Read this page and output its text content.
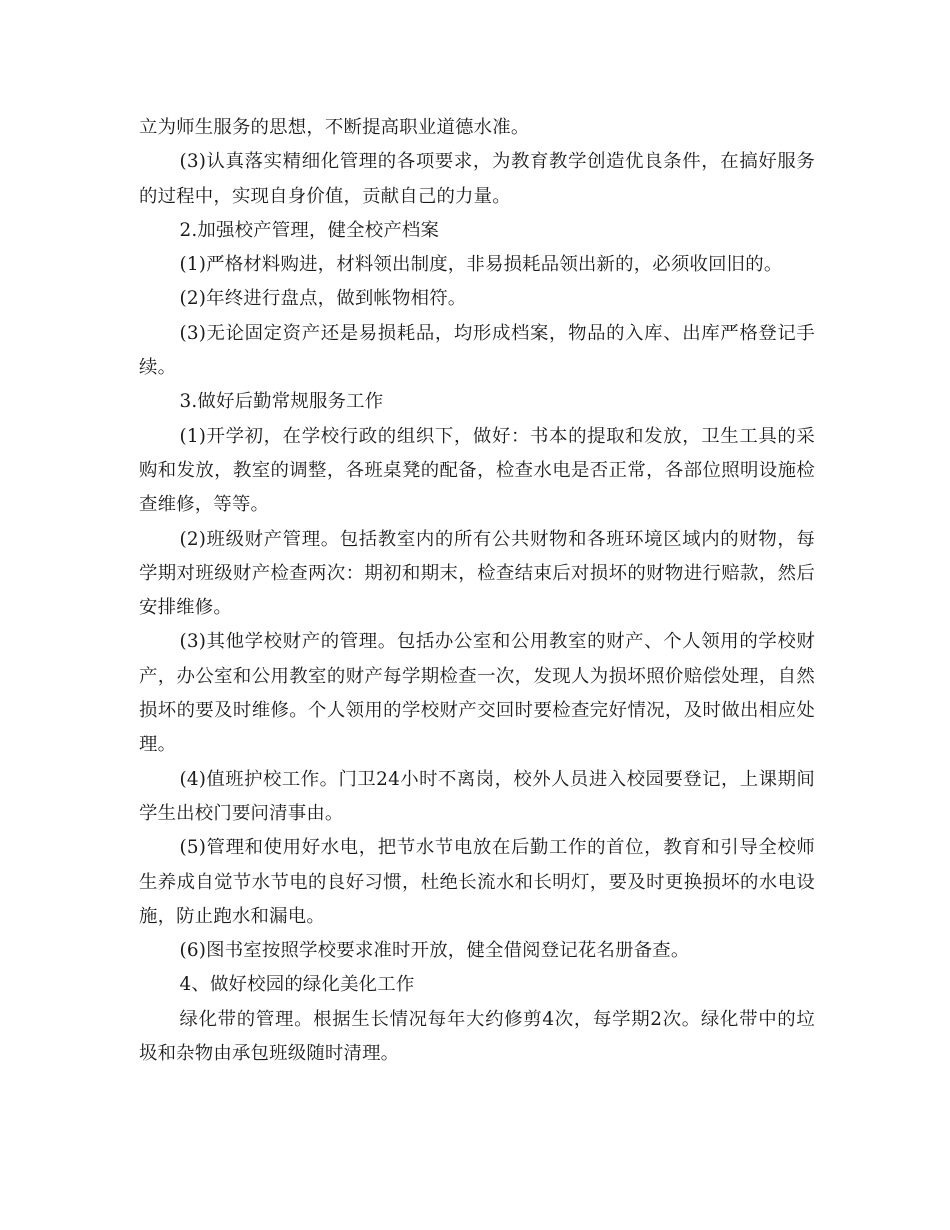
立为师生服务的思想，不断提高职业道德水准。

(3)认真落实精细化管理的各项要求，为教育教学创造优良条件，在搞好服务的过程中，实现自身价值，贡献自己的力量。

2.加强校产管理，健全校产档案

(1)严格材料购进，材料领出制度，非易损耗品领出新的，必须收回旧的。

(2)年终进行盘点，做到帐物相符。

(3)无论固定资产还是易损耗品，均形成档案，物品的入库、出库严格登记手续。

3.做好后勤常规服务工作

(1)开学初，在学校行政的组织下，做好：书本的提取和发放，卫生工具的采购和发放，教室的调整，各班桌凳的配备，检查水电是否正常，各部位照明设施检查维修，等等。

(2)班级财产管理。包括教室内的所有公共财物和各班环境区域内的财物，每学期对班级财产检查两次：期初和期末，检查结束后对损坏的财物进行赔款，然后安排维修。

(3)其他学校财产的管理。包括办公室和公用教室的财产、个人领用的学校财产，办公室和公用教室的财产每学期检查一次，发现人为损坏照价赔偿处理，自然损坏的要及时维修。个人领用的学校财产交回时要检查完好情况，及时做出相应处理。

(4)值班护校工作。门卫24小时不离岗，校外人员进入校园要登记，上课期间学生出校门要问清事由。

(5)管理和使用好水电，把节水节电放在后勤工作的首位，教育和引导全校师生养成自觉节水节电的良好习惯，杜绝长流水和长明灯，要及时更换损坏的水电设施，防止跑水和漏电。

(6)图书室按照学校要求准时开放，健全借阅登记花名册备查。

4、做好校园的绿化美化工作

绿化带的管理。根据生长情况每年大约修剪4次，每学期2次。绿化带中的垃圾和杂物由承包班级随时清理。
